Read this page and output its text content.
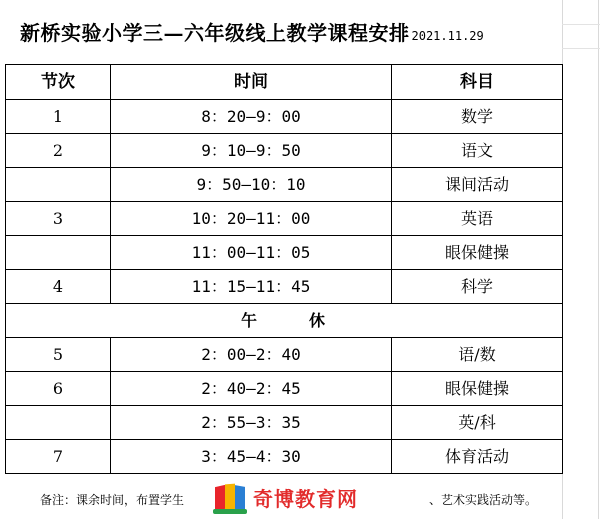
新桥实验小学三—六年级线上教学课程安排 2021.11.29
节次	时间	科目
1	8：20—9：00	数学
2	9：10—9：50	语文
	9：50—10：10	课间活动
3	10：20—11：00	英语
	11：00—11：05	眼保健操
4	11：15—11：45	科学
午 休		
5	2：00—2：40	语/数
6	2：40—2：45	眼保健操
	2：55—3：35	英/科
7	3：45—4：30	体育活动
备注：课余时间，布置学生	、艺术实践活动等。
奇博教育网
